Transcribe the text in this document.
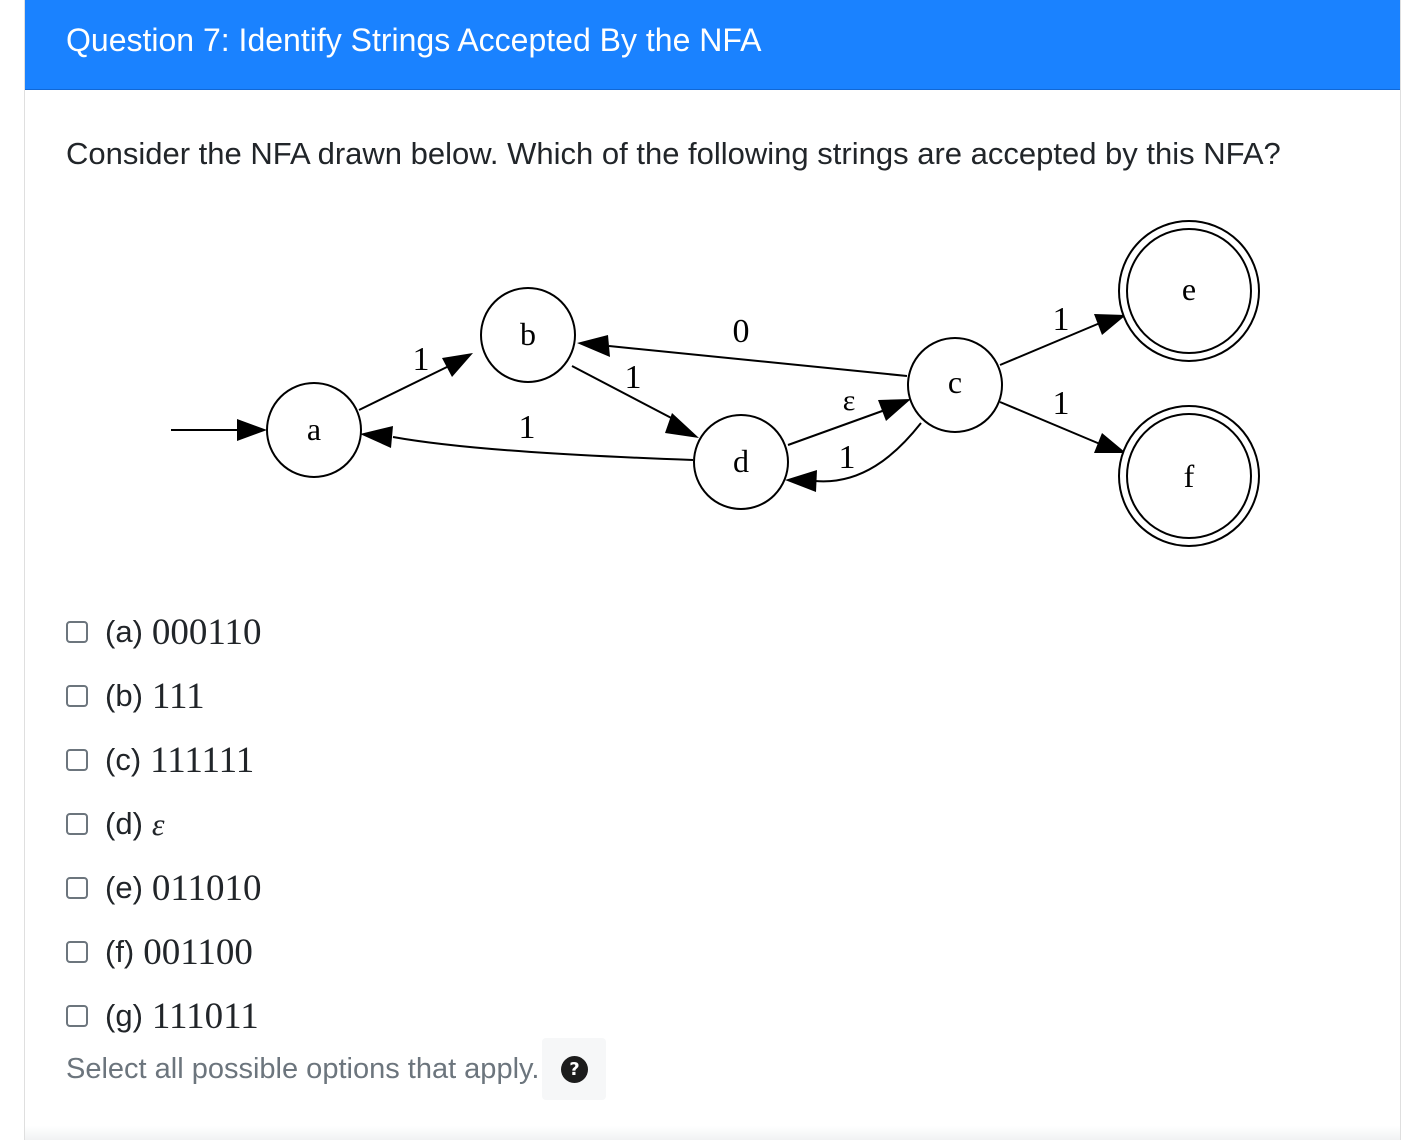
Question 7: Identify Strings Accepted By the NFA

Consider the NFA drawn below. Which of the following strings are accepted by this NFA?

1	1
0
1
ε
1
1
1
a
b
c
d
e
f
(a) 000110
(b) 111
(c) 111111
(d) ε
(e) 011010
(f) 001100
(g) 111011
Select all possible options that apply.	?
